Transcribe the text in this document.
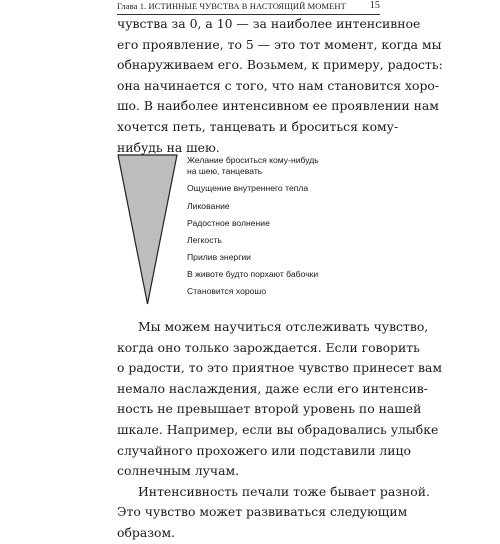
Глава 1. ИСТИННЫЕ ЧУВСТВА В НАСТОЯЩИЙ МОМЕНТ 15
чувства за 0, а 10 — за наиболее интенсивное
его проявление, то 5 — это тот момент, когда мы
обнаруживаем его. Возьмем, к примеру, радость:
она начинается с того, что нам становится хоро-
шо. В наиболее интенсивном ее проявлении нам
хочется петь, танцевать и броситься кому-
нибудь на шею.
Желание броситься кому-нибудь
на шею, танцевать
Ощущение внутреннего тепла
Ликование
Радостное волнение
Легкость
Прилив энергии
В животе будто порхают бабочки
Становится хорошо
Мы можем научиться отслеживать чувство,
когда оно только зарождается. Если говорить
о радости, то это приятное чувство принесет вам
немало наслаждения, даже если его интенсив-
ность не превышает второй уровень по нашей
шкале. Например, если вы обрадовались улыбке
случайного прохожего или подставили лицо
солнечным лучам.
Интенсивность печали тоже бывает разной.
Это чувство может развиваться следующим
образом.
